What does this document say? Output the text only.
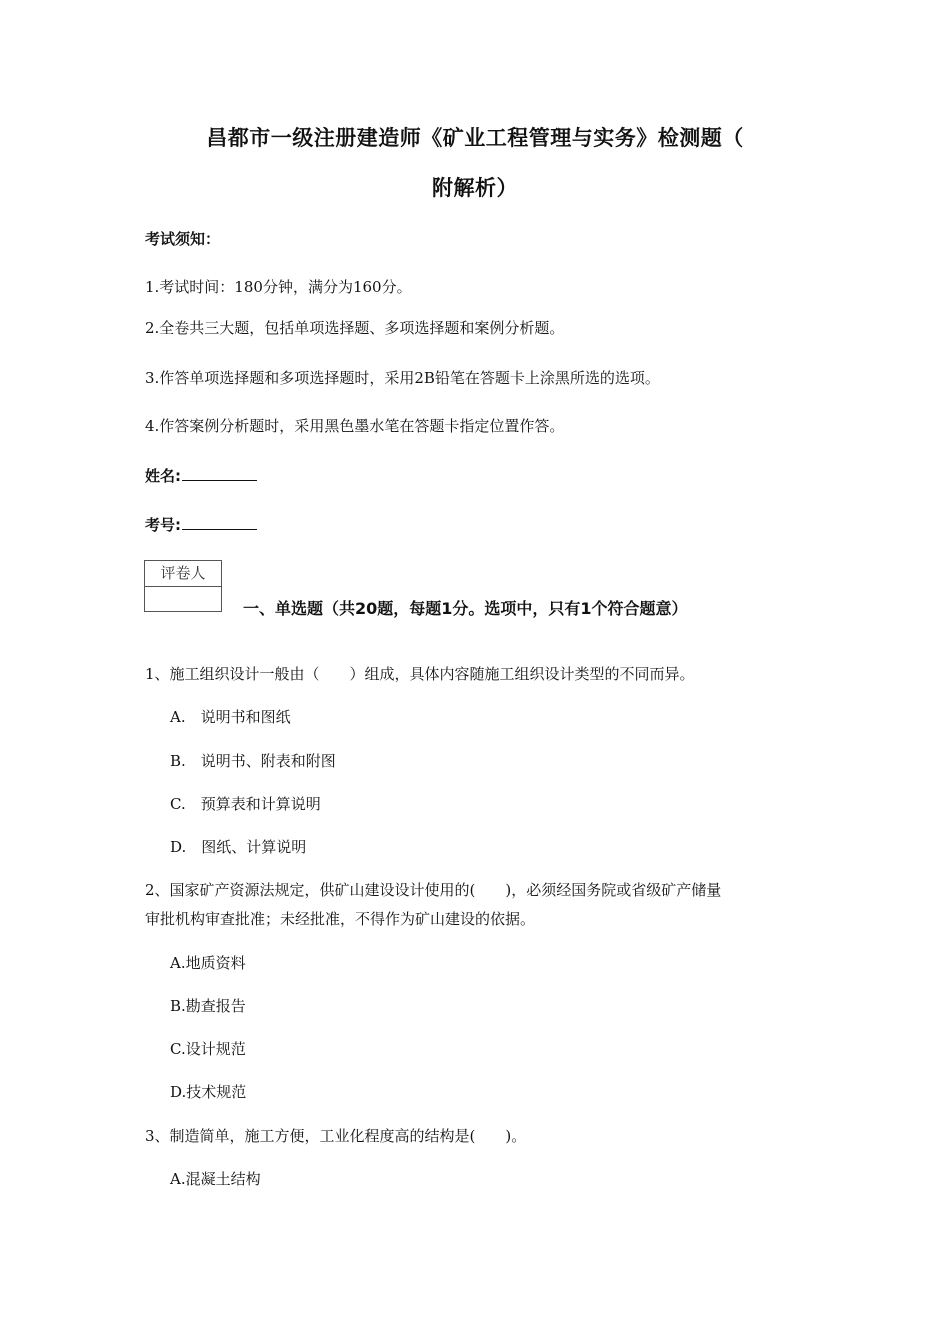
昌都市一级注册建造师《矿业工程管理与实务》检测题（
附解析）
考试须知：
1.考试时间：180分钟，满分为160分。
2.全卷共三大题，包括单项选择题、多项选择题和案例分析题。
3.作答单项选择题和多项选择题时，采用2B铅笔在答题卡上涂黑所选的选项。
4.作答案例分析题时，采用黑色墨水笔在答题卡指定位置作答。
姓名:
考号:
评卷人
一、单选题（共20题，每题1分。选项中，只有1个符合题意）
1、施工组织设计一般由（　　）组成，具体内容随施工组织设计类型的不同而异。
A.　说明书和图纸
B.　说明书、附表和附图
C.　预算表和计算说明
D.　图纸、计算说明
2、国家矿产资源法规定，供矿山建设设计使用的(　　)，必须经国务院或省级矿产储量
审批机构审查批准；未经批准，不得作为矿山建设的依据。
A.地质资料
B.勘查报告
C.设计规范
D.技术规范
3、制造简单，施工方便，工业化程度高的结构是(　　)。
A.混凝土结构
